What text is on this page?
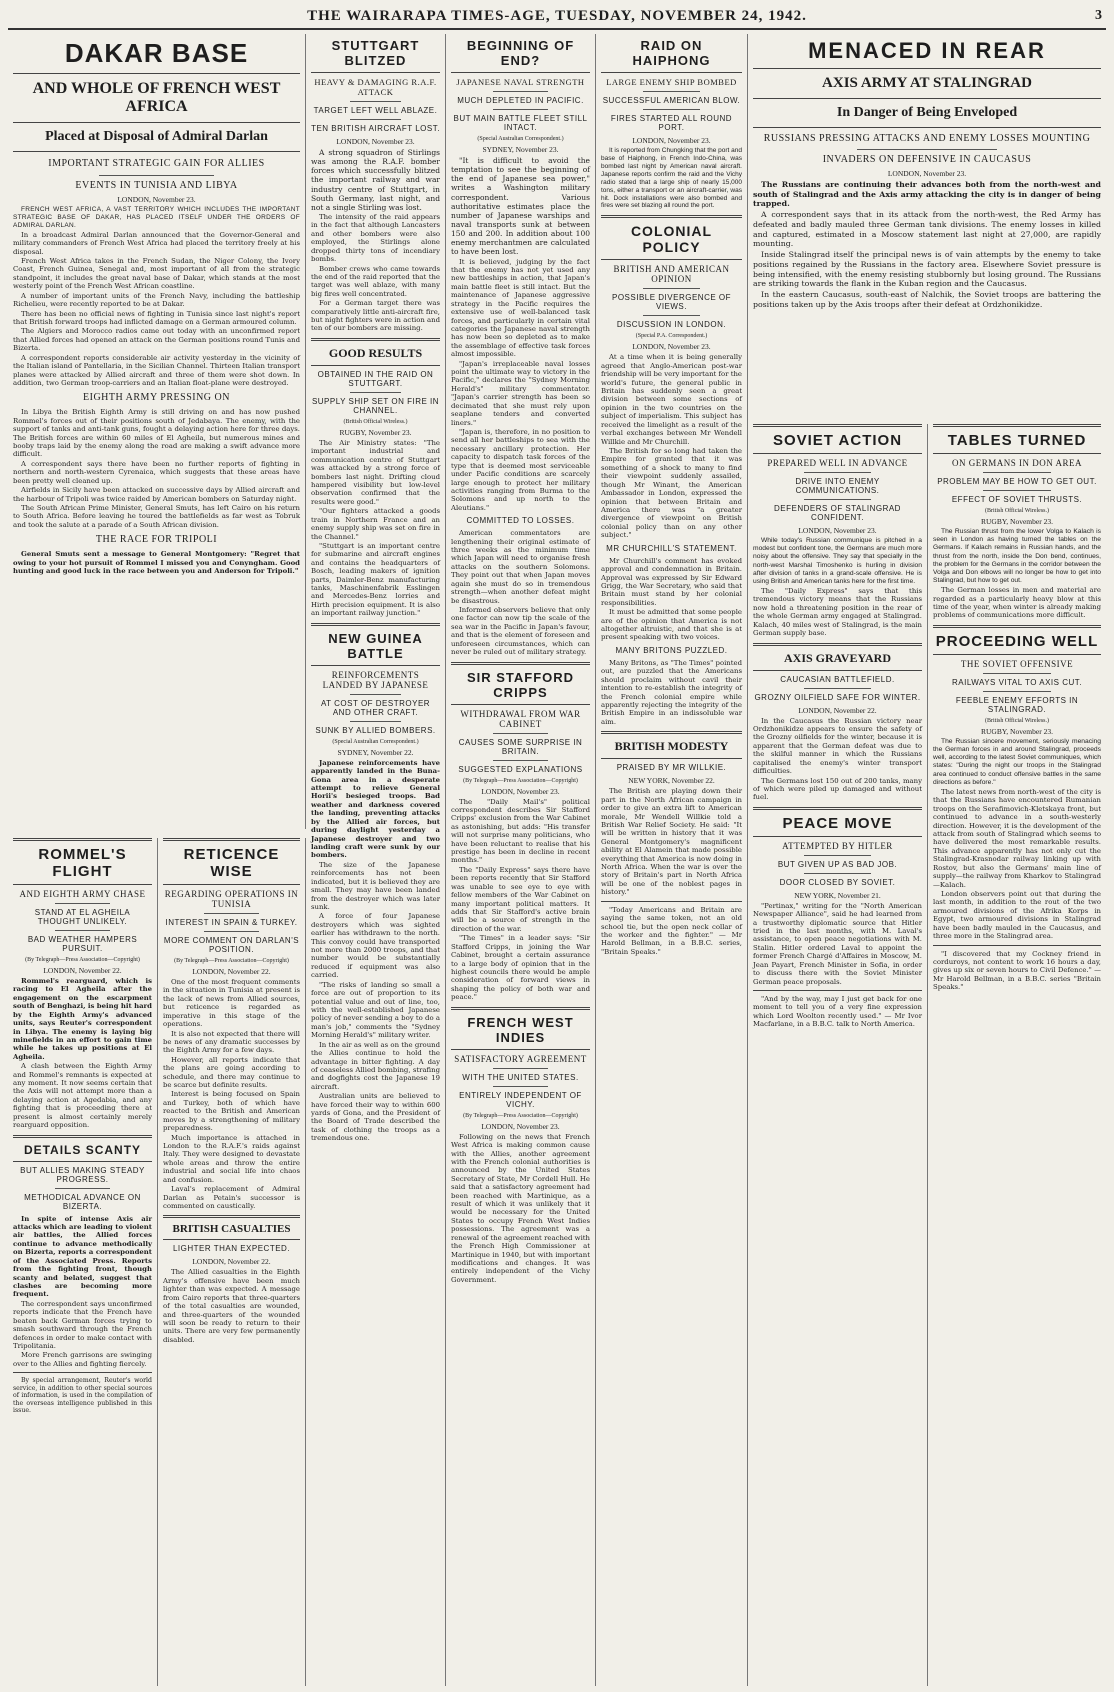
THE WAIRARAPA TIMES-AGE, TUESDAY, NOVEMBER 24, 1942.	3
DAKAR BASE
AND WHOLE OF FRENCH WEST AFRICA
Placed at Disposal of Admiral Darlan
IMPORTANT STRATEGIC GAIN FOR ALLIES
EVENTS IN TUNISIA AND LIBYA
LONDON, November 23.

FRENCH WEST AFRICA, A VAST TERRITORY WHICH INCLUDES THE IMPORTANT STRATEGIC BASE OF DAKAR, HAS PLACED ITSELF UNDER THE ORDERS OF ADMIRAL DARLAN.

In a broadcast Admiral Darlan announced that the Governor-General and military commanders of French West Africa had placed the territory freely at his disposal.

French West Africa takes in the French Sudan, the Niger Colony, the Ivory Coast, French Guinea, Senegal and, most important of all from the strategic standpoint, it includes the great naval base of Dakar, which stands at the most westerly point of the French West African coastline.

A number of important units of the French Navy, including the battleship Richelieu, were recently reported to be at Dakar.

There has been no official news of fighting in Tunisia since last night's report that British forward troops had inflicted damage on a German armoured column.

The Algiers and Morocco radios came out today with an unconfirmed report that Allied forces had opened an attack on the German positions round Tunis and Bizerta.

A correspondent reports considerable air activity yesterday in the vicinity of the Italian island of Pantellaria, in the Sicilian Channel. Thirteen Italian transport planes were attacked by Allied aircraft and three of them were shot down. In addition, two German troop-carriers and an Italian float-plane were destroyed.

EIGHTH ARMY PRESSING ON

In Libya the British Eighth Army is still driving on and has now pushed Rommel's forces out of their positions south of Jedabaya. The enemy, with the support of tanks and anti-tank guns, fought a delaying action here for three days. The British forces are within 60 miles of El Agheila, but numerous mines and booby traps laid by the enemy along the road are making a swift advance more difficult.

A correspondent says there have been no further reports of fighting in northern and north-western Cyrenaica, which suggests that these areas have been pretty well cleaned up.

Airfields in Sicily have been attacked on successive days by Allied aircraft and the harbour of Tripoli was twice raided by American bombers on Saturday night.

The South African Prime Minister, General Smuts, has left Cairo on his return to South Africa. Before leaving he toured the battlefields as far west as Tobruk and took the salute at a parade of a South African division.

THE RACE FOR TRIPOLI

General Smuts sent a message to General Montgomery: "Regret that owing to your hot pursuit of Rommel I missed you and Conyngham. Good hunting and good luck in the race between you and Anderson for Tripoli."

ROMMEL'S FLIGHT
AND EIGHTH ARMY CHASE
STAND AT EL AGHEILA THOUGHT UNLIKELY.
BAD WEATHER HAMPERS PURSUIT.
(By Telegraph—Press Association—Copyright)
LONDON, November 22.

Rommel's rearguard, which is racing to El Agheila after the engagement on the escarpment south of Benghazi, is being hit hard by the Eighth Army's advanced units, says Reuter's correspondent in Libya. The enemy is laying big minefields in an effort to gain time while he takes up positions at El Agheila.

A clash between the Eighth Army and Rommel's remnants is expected at any moment. It now seems certain that the Axis will not attempt more than a delaying action at Agedabia, and any fighting that is proceeding there at present is almost certainly merely rearguard opposition.

DETAILS SCANTY
BUT ALLIES MAKING STEADY PROGRESS.
METHODICAL ADVANCE ON BIZERTA.

In spite of intense Axis air attacks which are leading to violent air battles, the Allied forces continue to advance methodically on Bizerta, reports a correspondent of the Associated Press. Reports from the fighting front, though scanty and belated, suggest that clashes are becoming more frequent.

The correspondent says unconfirmed reports indicate that the French have beaten back German forces trying to smash southward through the French defences in order to make contact with Tripolitania.

More French garrisons are swinging over to the Allies and fighting fiercely.

By special arrangement, Reuter's world service, in addition to other special sources of information, is used in the compilation of the overseas intelligence published in this issue.

RETICENCE WISE
REGARDING OPERATIONS IN TUNISIA
INTEREST IN SPAIN & TURKEY.
MORE COMMENT ON DARLAN'S POSITION.
(By Telegraph—Press Association—Copyright)
LONDON, November 22.

One of the most frequent comments in the situation in Tunisia at present is the lack of news from Allied sources, but reticence is regarded as imperative in this stage of the operations.

It is also not expected that there will be news of any dramatic successes by the Eighth Army for a few days.

However, all reports indicate that the plans are going according to schedule, and there may continue to be scarce but definite results.

Interest is being focused on Spain and Turkey, both of which have reacted to the British and American moves by a strengthening of military preparedness.

Much importance is attached in London to the R.A.F.'s raids against Italy. They were designed to devastate whole areas and throw the entire industrial and social life into chaos and confusion.

Laval's replacement of Admiral Darlan as Petain's successor is commented on caustically.

BRITISH CASUALTIES
LIGHTER THAN EXPECTED.
LONDON, November 22.

The Allied casualties in the Eighth Army's offensive have been much lighter than was expected. A message from Cairo reports that three-quarters of the total casualties are wounded, and three-quarters of the wounded will soon be ready to return to their units. There are very few permanently disabled.

STUTTGART BLITZED
HEAVY & DAMAGING R.A.F. ATTACK
TARGET LEFT WELL ABLAZE.
TEN BRITISH AIRCRAFT LOST.
LONDON, November 23.

A strong squadron of Stirlings was among the R.A.F. bomber forces which successfully blitzed the important railway and war industry centre of Stuttgart, in South Germany, last night, and not a single Stirling was lost.

The intensity of the raid appears in the fact that although Lancasters and other bombers were also employed, the Stirlings alone dropped thirty tons of incendiary bombs.

Bomber crews who came towards the end of the raid reported that the target was well ablaze, with many big fires well concentrated.

For a German target there was comparatively little anti-aircraft fire, but night fighters were in action and ten of our bombers are missing.

GOOD RESULTS
OBTAINED IN THE RAID ON STUTTGART.
SUPPLY SHIP SET ON FIRE IN CHANNEL.
(British Official Wireless.)
RUGBY, November 23.

The Air Ministry states: "The important industrial and communication centre of Stuttgart was attacked by a strong force of bombers last night. Drifting cloud hampered visibility but low-level observation confirmed that the results were good."

"Our fighters attacked a goods train in Northern France and an enemy supply ship was set on fire in the Channel."

"Stuttgart is an important centre for submarine and aircraft engines and contains the headquarters of Bosch, leading makers of ignition parts, Daimler-Benz manufacturing tanks, Maschinenfabrik Esslingen and Mercedes-Benz lorries and Hirth precision equipment. It is also an important railway junction."

NEW GUINEA BATTLE
REINFORCEMENTS LANDED BY JAPANESE
AT COST OF DESTROYER AND OTHER CRAFT.
SUNK BY ALLIED BOMBERS.
(Special Australian Correspondent.)
SYDNEY, November 22.

Japanese reinforcements have apparently landed in the Buna-Gona area in a desperate attempt to relieve General Horii's besieged troops. Bad weather and darkness covered the landing, preventing attacks by the Allied air forces, but during daylight yesterday a Japanese destroyer and two landing craft were sunk by our bombers.

The size of the Japanese reinforcements has not been indicated, but it is believed they are small. They may have been landed from the destroyer which was later sunk.

A force of four Japanese destroyers which was sighted earlier has withdrawn to the north. This convoy could have transported not more than 2000 troops, and that number would be substantially reduced if equipment was also carried.

"The risks of landing so small a force are out of proportion to its potential value and out of line, too, with the well-established Japanese policy of never sending a boy to do a man's job," comments the "Sydney Morning Herald's" military writer.

In the air as well as on the ground the Allies continue to hold the advantage in bitter fighting. A day of ceaseless Allied bombing, strafing and dogfights cost the Japanese 19 aircraft.

Australian units are believed to have forced their way to within 600 yards of Gona, and the President of the Board of Trade described the task of clothing the troops as a tremendous one.

BEGINNING OF END?
JAPANESE NAVAL STRENGTH
MUCH DEPLETED IN PACIFIC.
BUT MAIN BATTLE FLEET STILL INTACT.
(Special Australian Correspondent.)
SYDNEY, November 23.

"It is difficult to avoid the temptation to see the beginning of the end of Japanese sea power," writes a Washington military correspondent. Various authoritative estimates place the number of Japanese warships and naval transports sunk at between 150 and 200. In addition about 100 enemy merchantmen are calculated to have been lost.

It is believed, judging by the fact that the enemy has not yet used any new battleships in action, that Japan's main battle fleet is still intact. But the maintenance of Japanese aggressive strategy in the Pacific requires the extensive use of well-balanced task forces, and particularly in certain vital categories the Japanese naval strength has now been so depleted as to make the assemblage of effective task forces almost impossible.

"Japan's irreplaceable naval losses point the ultimate way to victory in the Pacific," declares the "Sydney Morning Herald's" military commentator. "Japan's carrier strength has been so decimated that she must rely upon seaplane tenders and converted liners."

"Japan is, therefore, in no position to send all her battleships to sea with the necessary ancillary protection. Her capacity to dispatch task forces of the type that is deemed most serviceable under Pacific conditions are scarcely large enough to protect her military activities ranging from Burma to the Solomons and up north to the Aleutians."

COMMITTED TO LOSSES.

American commentators are lengthening their original estimate of three weeks as the minimum time which Japan will need to organise fresh attacks on the southern Solomons. They point out that when Japan moves again she must do so in tremendous strength—when another defeat might be disastrous.

Informed observers believe that only one factor can now tip the scale of the sea war in the Pacific in Japan's favour, and that is the element of foreseen and unforeseen circumstances, which can never be ruled out of military strategy.

SIR STAFFORD CRIPPS
WITHDRAWAL FROM WAR CABINET
CAUSES SOME SURPRISE IN BRITAIN.
SUGGESTED EXPLANATIONS
(By Telegraph—Press Association—Copyright)
LONDON, November 23.

The "Daily Mail's" political correspondent describes Sir Stafford Cripps' exclusion from the War Cabinet as astonishing, but adds: "His transfer will not surprise many politicians, who have been reluctant to realise that his prestige has been in decline in recent months."

The "Daily Express" says there have been reports recently that Sir Stafford was unable to see eye to eye with fellow members of the War Cabinet on many important political matters. It adds that Sir Stafford's active brain will be a source of strength in the direction of the war.

"The Times" in a leader says: "Sir Stafford Cripps, in joining the War Cabinet, brought a certain assurance to a large body of opinion that in the highest councils there would be ample consideration of forward views in shaping the policy of both war and peace."

FRENCH WEST INDIES
SATISFACTORY AGREEMENT
WITH THE UNITED STATES.
ENTIRELY INDEPENDENT OF VICHY.
(By Telegraph—Press Association—Copyright)
LONDON, November 23.

Following on the news that French West Africa is making common cause with the Allies, another agreement with the French colonial authorities is announced by the United States Secretary of State, Mr Cordell Hull. He said that a satisfactory agreement had been reached with Martinique, as a result of which it was unlikely that it would be necessary for the United States to occupy French West Indies possessions. The agreement was a renewal of the agreement reached with the French High Commissioner at Martinique in 1940, but with important modifications and changes. It was entirely independent of the Vichy Government.

RAID ON HAIPHONG
LARGE ENEMY SHIP BOMBED
SUCCESSFUL AMERICAN BLOW.
FIRES STARTED ALL ROUND PORT.
LONDON, November 23.

It is reported from Chungking that the port and base of Haiphong, in French Indo-China, was bombed last night by American naval aircraft. Japanese reports confirm the raid and the Vichy radio stated that a large ship of nearly 15,000 tons, either a transport or an aircraft-carrier, was hit. Dock installations were also bombed and fires were set blazing all round the port.

COLONIAL POLICY
BRITISH AND AMERICAN OPINION
POSSIBLE DIVERGENCE OF VIEWS.
DISCUSSION IN LONDON.
(Special P.A. Correspondent.)
LONDON, November 23.

At a time when it is being generally agreed that Anglo-American post-war friendship will be very important for the world's future, the general public in Britain has suddenly seen a great division between some sections of opinion in the two countries on the subject of imperialism. This subject has received the limelight as a result of the verbal exchanges between Mr Wendell Willkie and Mr Churchill.

The British for so long had taken the Empire for granted that it was something of a shock to many to find their viewpoint suddenly assailed, though Mr Winant, the American Ambassador in London, expressed the opinion that between Britain and America there was "a greater divergence of viewpoint on British colonial policy than on any other subject."

MR CHURCHILL'S STATEMENT.

Mr Churchill's comment has evoked approval and condemnation in Britain. Approval was expressed by Sir Edward Grigg, the War Secretary, who said that Britain must stand by her colonial responsibilities.

It must be admitted that some people are of the opinion that America is not altogether altruistic, and that she is at present speaking with two voices.

MANY BRITONS PUZZLED.

Many Britons, as "The Times" pointed out, are puzzled that the Americans should proclaim without cavil their intention to re-establish the integrity of the French colonial empire while apparently rejecting the integrity of the British Empire in an indissoluble war aim.

BRITISH MODESTY
PRAISED BY MR WILLKIE.
NEW YORK, November 22.

The British are playing down their part in the North African campaign in order to give an extra lift to American morale, Mr Wendell Willkie told a British War Relief Society. He said: "It will be written in history that it was General Montgomery's magnificent ability at El Alamein that made possible everything that America is now doing in North Africa. When the war is over the story of Britain's part in North Africa will be one of the noblest pages in history."

"Today Americans and Britain are saying the same token, not an old school tie, but the open neck collar of the worker and the fighter." — Mr Harold Bellman, in a B.B.C. series, "Britain Speaks."

MENACED IN REAR
AXIS ARMY AT STALINGRAD
In Danger of Being Enveloped
RUSSIANS PRESSING ATTACKS AND ENEMY LOSSES MOUNTING
INVADERS ON DEFENSIVE IN CAUCASUS
LONDON, November 23.

The Russians are continuing their advances both from the north-west and south of Stalingrad and the Axis army attacking the city is in danger of being trapped.

A correspondent says that in its attack from the north-west, the Red Army has defeated and badly mauled three German tank divisions. The enemy losses in killed and captured, estimated in a Moscow statement last night at 27,000, are rapidly mounting.

Inside Stalingrad itself the principal news is of vain attempts by the enemy to take positions regained by the Russians in the factory area. Elsewhere Soviet pressure is being intensified, with the enemy resisting stubbornly but losing ground. The Russians are striking towards the flank in the Kuban region and the Caucasus.

In the eastern Caucasus, south-east of Nalchik, the Soviet troops are battering the positions taken up by the Axis troops after their defeat at Ordzhonikidze.

SOVIET ACTION
PREPARED WELL IN ADVANCE
DRIVE INTO ENEMY COMMUNICATIONS.
DEFENDERS OF STALINGRAD CONFIDENT.
LONDON, November 23.

While today's Russian communique is pitched in a modest but confident tone, the Germans are much more noisy about the offensive. They say that specially in the north-west Marshal Timoshenko is hurling in division after division of tanks in a grand-scale offensive. He is using British and American tanks here for the first time.

The "Daily Express" says that this tremendous victory means that the Russians now hold a threatening position in the rear of the whole German army engaged at Stalingrad. Kalach, 40 miles west of Stalingrad, is the main German supply base.

AXIS GRAVEYARD
CAUCASIAN BATTLEFIELD.
GROZNY OILFIELD SAFE FOR WINTER.
LONDON, November 22.

In the Caucasus the Russian victory near Ordzhonikidze appears to ensure the safety of the Grozny oilfields for the winter, because it is apparent that the German defeat was due to the skilful manner in which the Russians capitalised the enemy's winter transport difficulties.

The Germans lost 150 out of 200 tanks, many of which were piled up damaged and without fuel.

PEACE MOVE
ATTEMPTED BY HITLER
BUT GIVEN UP AS BAD JOB.
DOOR CLOSED BY SOVIET.
NEW YORK, November 21.

"Pertinax," writing for the "North American Newspaper Alliance", said he had learned from a trustworthy diplomatic source that Hitler tried in the last months, with M. Laval's assistance, to open peace negotiations with M. Stalin. Hitler ordered Laval to appoint the former French Chargé d'Affaires in Moscow, M. Jean Payart, French Minister in Sofia, in order to discuss there with the Soviet Minister German peace proposals.

"And by the way, may I just get back for one moment to tell you of a very fine expression which Lord Woolton recently used." — Mr Ivor Macfarlane, in a B.B.C. talk to North America.

TABLES TURNED
ON GERMANS IN DON AREA
PROBLEM MAY BE HOW TO GET OUT.
EFFECT OF SOVIET THRUSTS.
(British Official Wireless.)
RUGBY, November 23.

The Russian thrust from the lower Volga to Kalach is seen in London as having turned the tables on the Germans. If Kalach remains in Russian hands, and the thrust from the north, inside the Don bend, continues, the problem for the Germans in the corridor between the Volga and Don elbows will no longer be how to get into Stalingrad, but how to get out.

The German losses in men and material are regarded as a particularly heavy blow at this time of the year, when winter is already making problems of communications more difficult.

PROCEEDING WELL
THE SOVIET OFFENSIVE
RAILWAYS VITAL TO AXIS CUT.
FEEBLE ENEMY EFFORTS IN STALINGRAD.
(British Official Wireless.)
RUGBY, November 23.

The Russian sincere movement, seriously menacing the German forces in and around Stalingrad, proceeds well, according to the latest Soviet communiques, which states: "During the night our troops in the Stalingrad area continued to conduct offensive battles in the same directions as before."

The latest news from north-west of the city is that the Russians have encountered Rumanian troops on the Serafimovich-Kletskaya front, but continued to advance in a south-westerly direction. However, it is the development of the attack from south of Stalingrad which seems to have delivered the most remarkable results. This advance apparently has not only cut the Stalingrad-Krasnodar railway linking up with Rostov, but also the Germans' main line of supply—the railway from Kharkov to Stalingrad—Kalach.

London observers point out that during the last month, in addition to the rout of the two armoured divisions of the Afrika Korps in Egypt, two armoured divisions in Stalingrad have been badly mauled in the Caucasus, and three more in the Stalingrad area.

"I discovered that my Cockney friend in corduroys, not content to work 16 hours a day, gives up six or seven hours to Civil Defence." — Mr Harold Bellman, in a B.B.C. series "Britain Speaks."
